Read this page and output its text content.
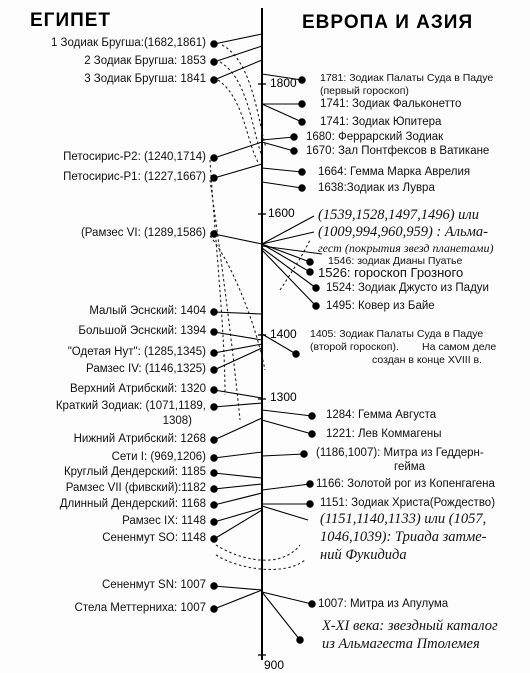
ЕГИПЕТ	ЕВРОПА И АЗИЯ
1800
1600
1400
1300
900
1 Зодиак Бругша:(1682,1861)
2 Зодиак Бругша: 1853
3 Зодиак Бругша: 1841
Петосирис-Р2: (1240,1714)
Петосирис-Р1: (1227,1667)
(Рамзес VI: (1289,1586)
Малый Эснский: 1404
Большой Эснский: 1394
"Одетая Нут": (1285,1345)
Рамзес IV: (1146,1325)
Верхний Атрибский: 1320
Краткий Зодиак: (1071,1189,
1308)
Нижний Атрибский: 1268
Сети I: (969,1206)
Круглый Дендерский: 1185
Рамзес VII (фивский):1182
Длинный Дендерский: 1168
Рамзес IX: 1148
Сененмут SO: 1148
Сененмут SN: 1007
Стела Меттерниха: 1007
1781: Зодиак Палаты Суда в Падуе
(первый гороскоп)
1741: Зодиак Фальконетто
1741: Зодиак Юпитера
1680: Феррарский Зодиак
1670: Зал Понтфексов в Ватикане
1664: Гемма Марка Аврелия
1638:Зодиак из Лувра
(1539,1528,1497,1496) или
(1009,994,960,959) : Альма-
гест (покрытия звезд планетами)
1546: зодиак Дианы Пуатье
1526: гороскоп Грозного
1524: Зодиак Джусто из Падуи
1495: Ковер из Байе
1405: Зодиак Палаты Суда в Падуе
(второй гороскоп). На самом деле
создан в конце XVIII в.
1284: Гемма Августа
1221: Лев Коммагены
(1186,1007): Митра из Геддерн-
гейма
1166: Золотой рог из Копенгагена
1151: Зодиак Христа(Рождество)
(1151,1140,1133) или (1057,
1046,1039): Триада затме-
ний Фукидида
1007: Митра из Апулума
X-XI века: звездный каталог
из Альмагеста Птолемея
